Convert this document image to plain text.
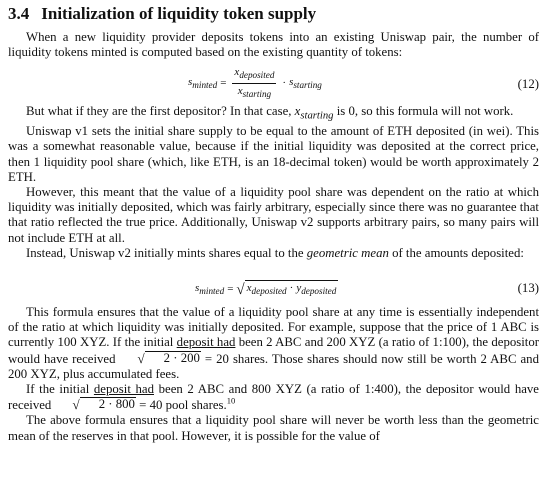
3.4 Initialization of liquidity token supply

When a new liquidity provider deposits tokens into an existing Uniswap pair, the number of liquidity tokens minted is computed based on the existing quantity of tokens:

$s_{minted} = \frac{x_{deposited}}{x_{starting}} \cdot s_{starting}$	(12)

But what if they are the first depositor? In that case, $x_{starting}$ is 0, so this formula will not work.

Uniswap v1 sets the initial share supply to be equal to the amount of ETH deposited (in wei). This was a somewhat reasonable value, because if the initial liquidity was deposited at the correct price, then 1 liquidity pool share (which, like ETH, is an 18-decimal token) would be worth approximately 2 ETH.

However, this meant that the value of a liquidity pool share was dependent on the ratio at which liquidity was initially deposited, which was fairly arbitrary, especially since there was no guarantee that that ratio reflected the true price. Additionally, Uniswap v2 supports arbitrary pairs, so many pairs will not include ETH at all.

Instead, Uniswap v2 initially mints shares equal to the geometric mean of the amounts deposited:

$s_{minted}$ = √ $x_{deposited} \cdot y_{deposited}$	(13)

This formula ensures that the value of a liquidity pool share at any time is essentially independent of the ratio at which liquidity was initially deposited. For example, suppose that the price of 1 ABC is currently 100 XYZ. If the initial deposit had been 2 ABC and 200 XYZ (a ratio of 1:100), the depositor would have received	√	2 · 200 = 20 shares. Those shares should now still be worth 2 ABC and 200 XYZ, plus accumulated fees.

If the initial deposit had been 2 ABC and 800 XYZ (a ratio of 1:400), the depositor would have received	√	2 · 800 = 40 pool shares.$^{10}$

The above formula ensures that a liquidity pool share will never be worth less than the geometric mean of the reserves in that pool. However, it is possible for the value of
